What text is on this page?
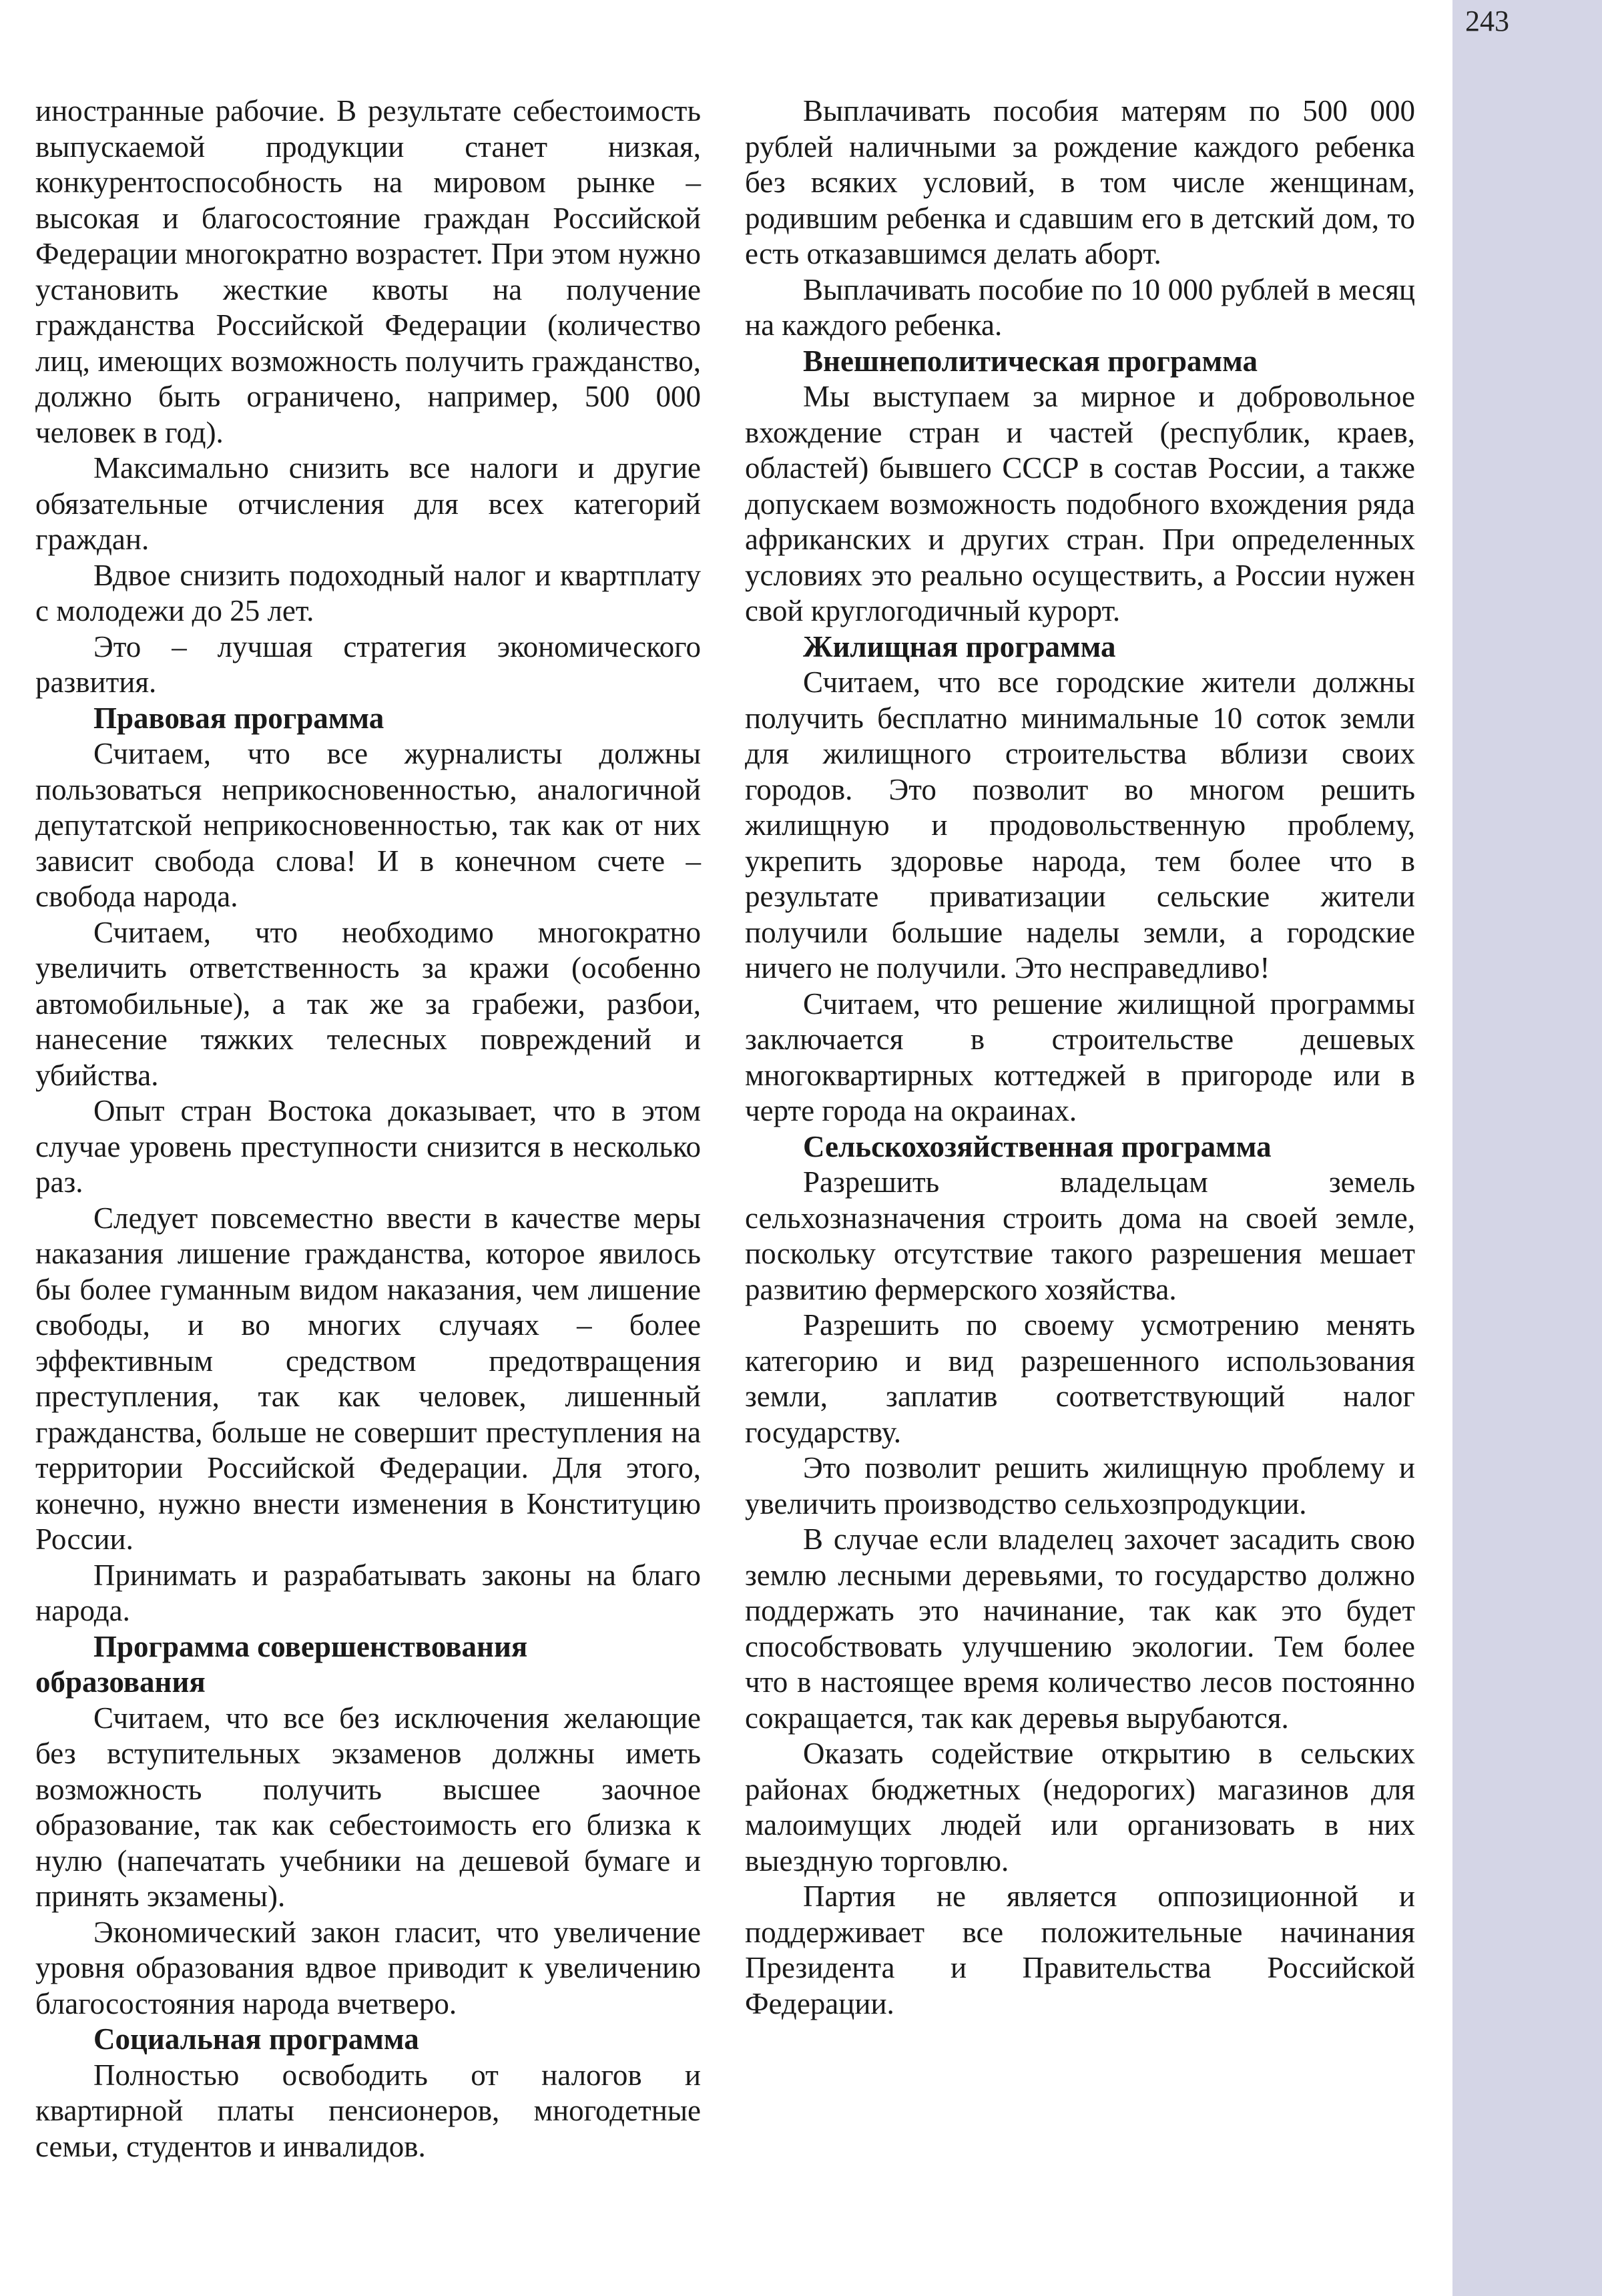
243

иностранные рабочие. В результате себестоимость выпускаемой продукции станет низкая, конкурентоспособность на мировом рынке – высокая и благосостояние граждан Российской Федерации многократно возрастет. При этом нужно установить жесткие квоты на получение гражданства Российской Федерации (количество лиц, имеющих возможность получить гражданство, должно быть ограничено, например, 500 000 человек в год).

Максимально снизить все налоги и другие обязательные отчисления для всех категорий граждан.

Вдвое снизить подоходный налог и квартплату с молодежи до 25 лет.

Это – лучшая стратегия экономического развития.

Правовая программа

Считаем, что все журналисты должны пользоваться неприкосновенностью, аналогичной депутатской неприкосновенностью, так как от них зависит свобода слова! И в конечном счете – свобода народа.

Считаем, что необходимо многократно увеличить ответственность за кражи (особенно автомобильные), а так же за грабежи, разбои, нанесение тяжких телесных повреждений и убийства.

Опыт стран Востока доказывает, что в этом случае уровень преступности снизится в несколько раз.

Следует повсеместно ввести в качестве меры наказания лишение гражданства, которое явилось бы более гуманным видом наказания, чем лишение свободы, и во многих случаях – более эффективным средством предотвращения преступления, так как человек, лишенный гражданства, больше не совершит преступления на территории Российской Федерации. Для этого, конечно, нужно внести изменения в Конституцию России.

Принимать и разрабатывать законы на благо народа.

Программа совершенствования образования

Считаем, что все без исключения желающие без вступительных экзаменов должны иметь возможность получить высшее заочное образование, так как себестоимость его близка к нулю (напечатать учебники на дешевой бумаге и принять экзамены).

Экономический закон гласит, что увеличение уровня образования вдвое приводит к увеличению благосостояния народа вчетверо.

Социальная программа

Полностью освободить от налогов и квартирной платы пенсионеров, многодетные семьи, студентов и инвалидов.

Выплачивать пособия матерям по 500 000 рублей наличными за рождение каждого ребенка без всяких условий, в том числе женщинам, родившим ребенка и сдавшим его в детский дом, то есть отказавшимся делать аборт.

Выплачивать пособие по 10 000 рублей в месяц на каждого ребенка.

Внешнеполитическая программа

Мы выступаем за мирное и добровольное вхождение стран и частей (республик, краев, областей) бывшего СССР в состав России, а также допускаем возможность подобного вхождения ряда африканских и других стран. При определенных условиях это реально осуществить, а России нужен свой круглогодичный курорт.

Жилищная программа

Считаем, что все городские жители должны получить бесплатно минимальные 10 соток земли для жилищного строительства вблизи своих городов. Это позволит во многом решить жилищную и продовольственную проблему, укрепить здоровье народа, тем более что в результате приватизации сельские жители получили большие наделы земли, а городские ничего не получили. Это несправедливо!

Считаем, что решение жилищной программы заключается в строительстве дешевых многоквартирных коттеджей в пригороде или в черте города на окраинах.

Сельскохозяйственная программа

Разрешить владельцам земель сельхозназначения строить дома на своей земле, поскольку отсутствие такого разрешения мешает развитию фермерского хозяйства.

Разрешить по своему усмотрению менять категорию и вид разрешенного использования земли, заплатив соответствующий налог государству.

Это позволит решить жилищную проблему и увеличить производство сельхозпродукции.

В случае если владелец захочет засадить свою землю лесными деревьями, то государство должно поддержать это начинание, так как это будет способствовать улучшению экологии. Тем более что в настоящее время количество лесов постоянно сокращается, так как деревья вырубаются.

Оказать содействие открытию в сельских районах бюджетных (недорогих) магазинов для малоимущих людей или организовать в них выездную торговлю.

Партия не является оппозиционной и поддерживает все положительные начинания Президента и Правительства Российской Федерации.
